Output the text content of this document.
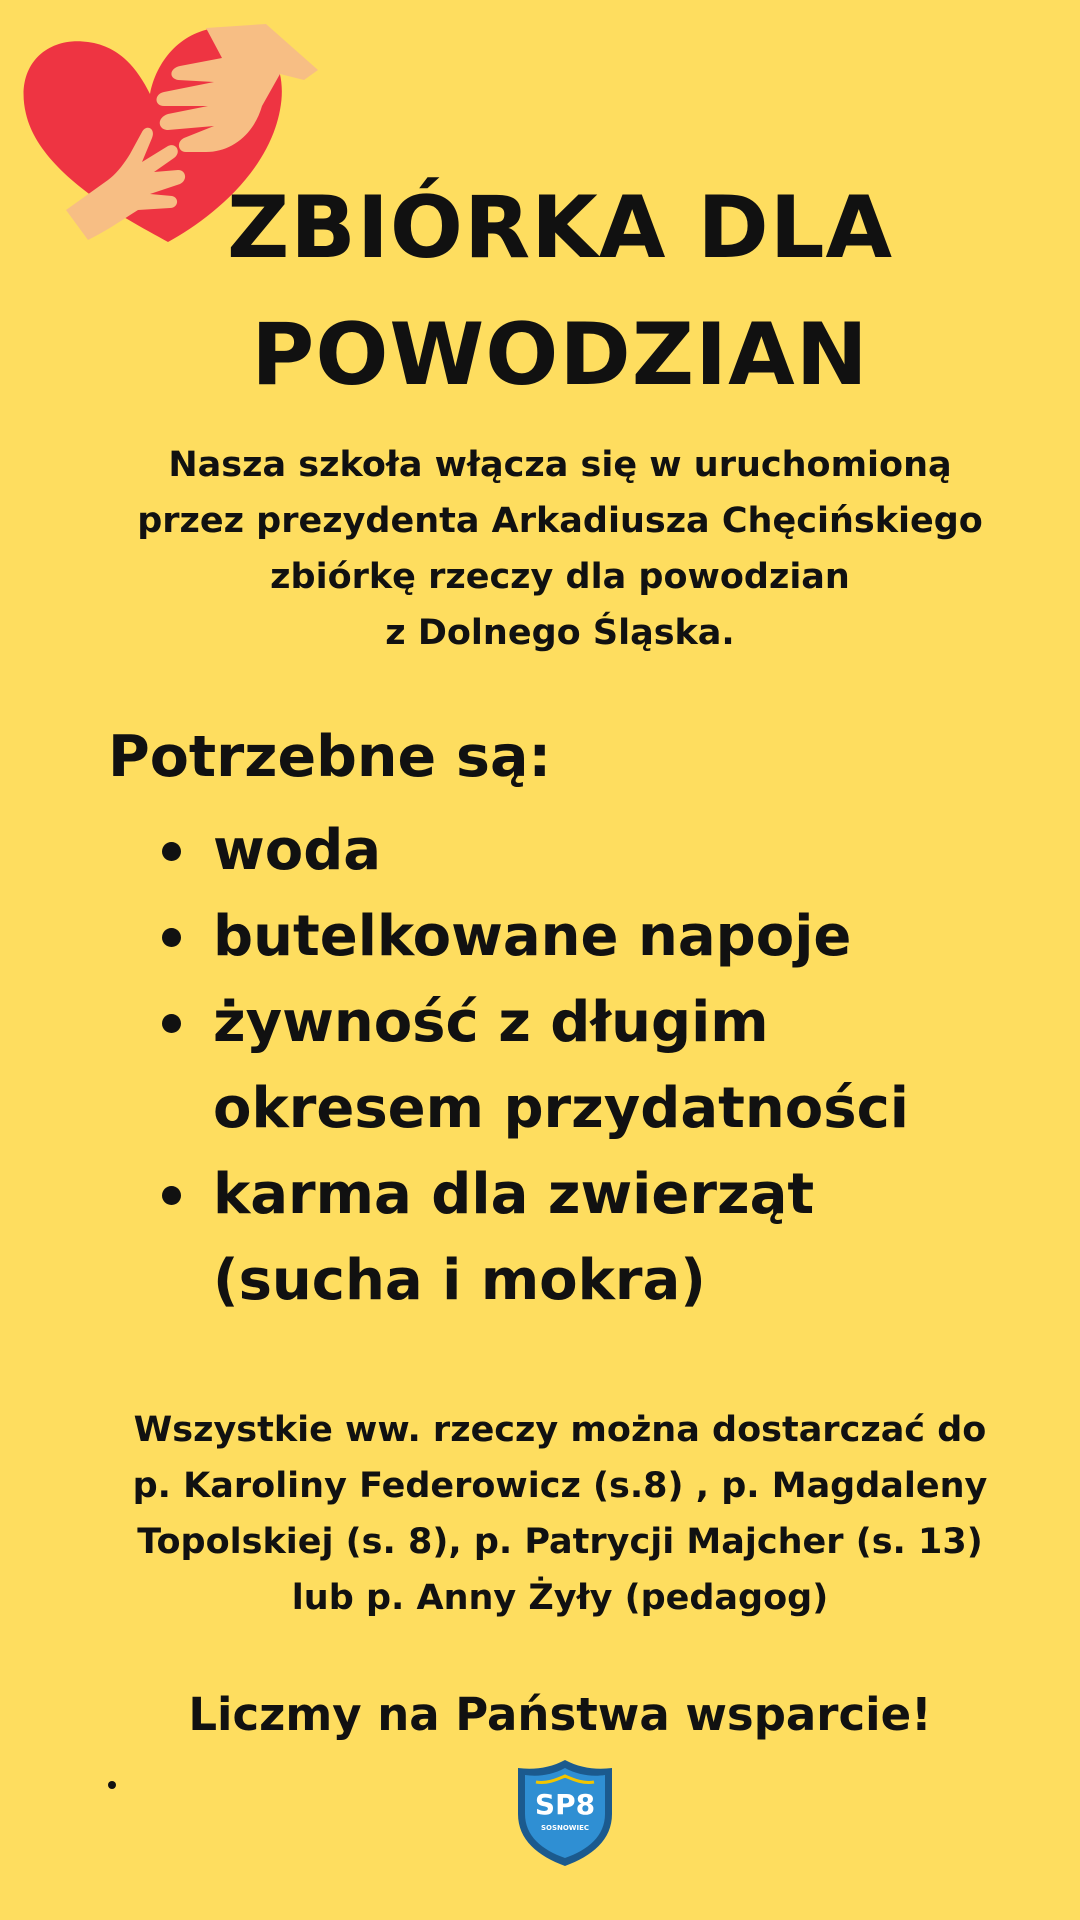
ZBIÓRKA DLA
POWODZIAN
Nasza szkoła włącza się w uruchomioną
przez prezydenta Arkadiusza Chęcińskiego
zbiórkę rzeczy dla powodzian
z Dolnego Śląska.
Potrzebne są:
woda
butelkowane napoje
żywność z długim
okresem przydatności
karma dla zwierząt
(sucha i mokra)
Wszystkie ww. rzeczy można dostarczać do
p. Karoliny Federowicz (s.8) , p. Magdaleny
Topolskiej (s. 8), p. Patrycji Majcher (s. 13)
lub p. Anny Żyły (pedagog)
Liczmy na Państwa wsparcie!
SP8
SOSNOWIEC
